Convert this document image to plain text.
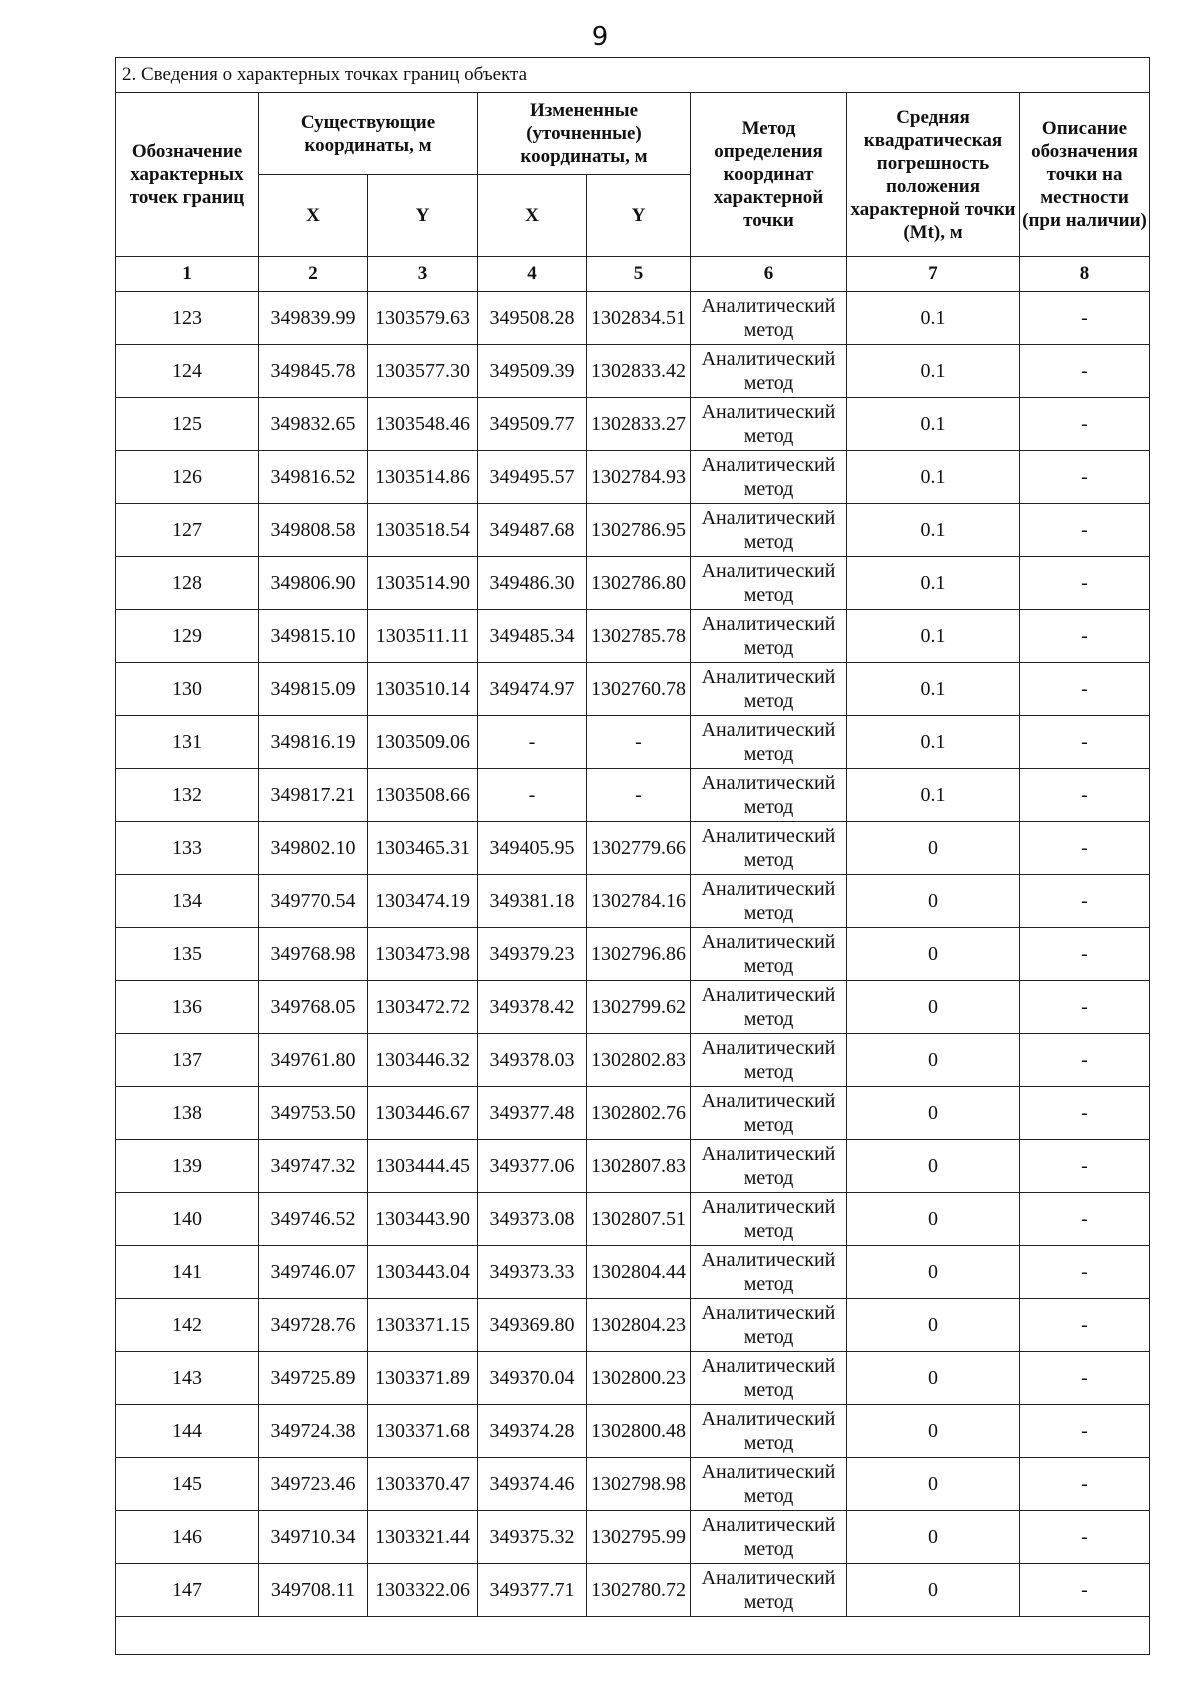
9
2. Сведения о характерных точках границ объекта							
Обозначение характерных точек границ	Существующие координаты, м		Измененные (уточненные) координаты, м		Метод определения координат характерной точки	Средняя квадратическая погрешность положения характерной точки (Mt), м	Описание обозначения точки на местности (при наличии)
	X	Y	X	Y			
1	2	3	4	5	6	7	8
123	349839.99	1303579.63	349508.28	1302834.51	Аналитический метод	0.1	-
124	349845.78	1303577.30	349509.39	1302833.42	Аналитический метод	0.1	-
125	349832.65	1303548.46	349509.77	1302833.27	Аналитический метод	0.1	-
126	349816.52	1303514.86	349495.57	1302784.93	Аналитический метод	0.1	-
127	349808.58	1303518.54	349487.68	1302786.95	Аналитический метод	0.1	-
128	349806.90	1303514.90	349486.30	1302786.80	Аналитический метод	0.1	-
129	349815.10	1303511.11	349485.34	1302785.78	Аналитический метод	0.1	-
130	349815.09	1303510.14	349474.97	1302760.78	Аналитический метод	0.1	-
131	349816.19	1303509.06	-	-	Аналитический метод	0.1	-
132	349817.21	1303508.66	-	-	Аналитический метод	0.1	-
133	349802.10	1303465.31	349405.95	1302779.66	Аналитический метод	0	-
134	349770.54	1303474.19	349381.18	1302784.16	Аналитический метод	0	-
135	349768.98	1303473.98	349379.23	1302796.86	Аналитический метод	0	-
136	349768.05	1303472.72	349378.42	1302799.62	Аналитический метод	0	-
137	349761.80	1303446.32	349378.03	1302802.83	Аналитический метод	0	-
138	349753.50	1303446.67	349377.48	1302802.76	Аналитический метод	0	-
139	349747.32	1303444.45	349377.06	1302807.83	Аналитический метод	0	-
140	349746.52	1303443.90	349373.08	1302807.51	Аналитический метод	0	-
141	349746.07	1303443.04	349373.33	1302804.44	Аналитический метод	0	-
142	349728.76	1303371.15	349369.80	1302804.23	Аналитический метод	0	-
143	349725.89	1303371.89	349370.04	1302800.23	Аналитический метод	0	-
144	349724.38	1303371.68	349374.28	1302800.48	Аналитический метод	0	-
145	349723.46	1303370.47	349374.46	1302798.98	Аналитический метод	0	-
146	349710.34	1303321.44	349375.32	1302795.99	Аналитический метод	0	-
147	349708.11	1303322.06	349377.71	1302780.72	Аналитический метод	0	-
